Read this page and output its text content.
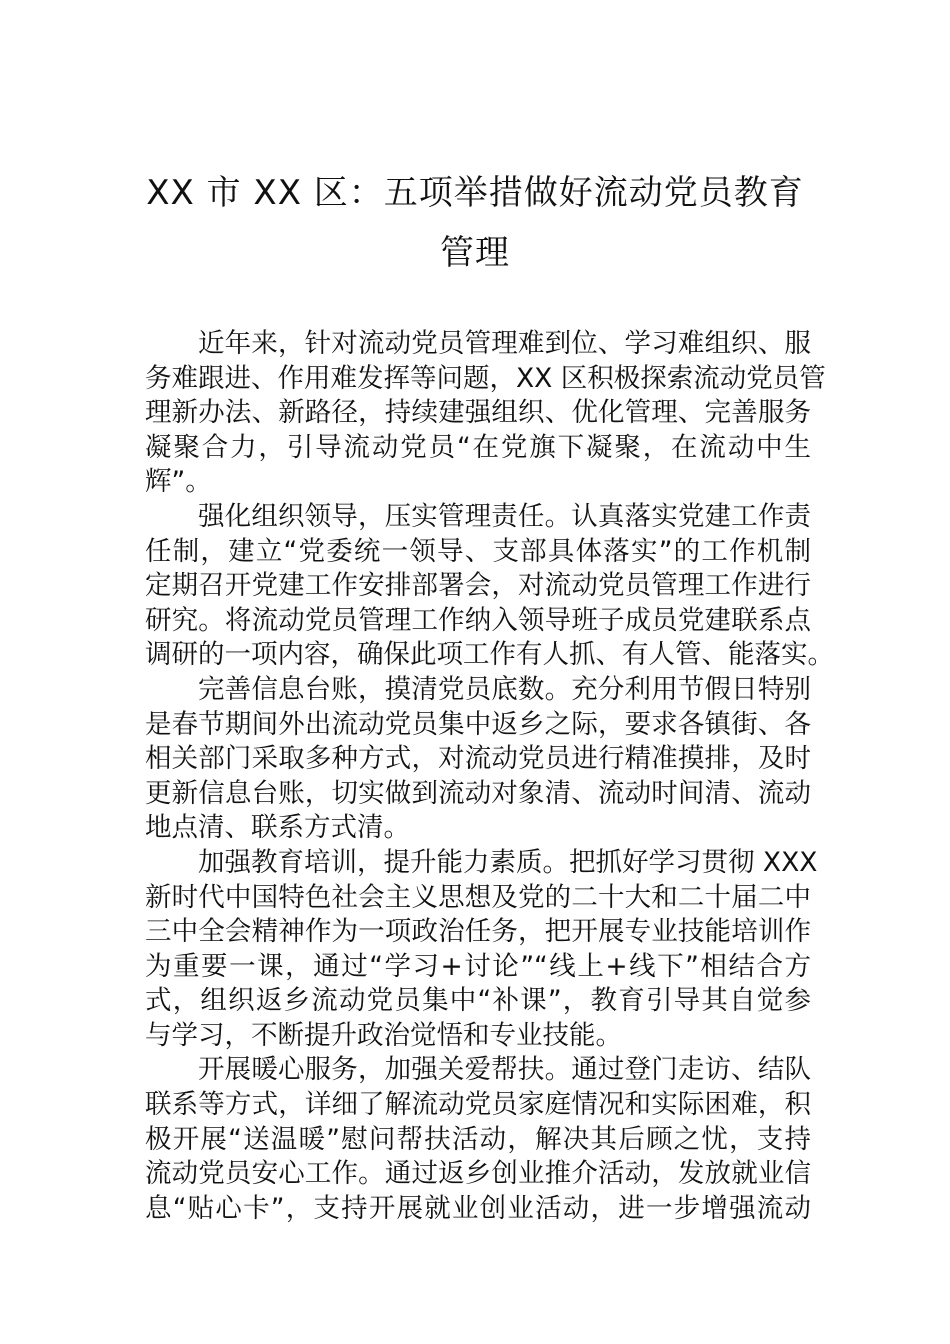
XX 市 XX 区：五项举措做好流动党员教育
管理

近年来，针对流动党员管理难到位、学习难组织、服
务难跟进、作用难发挥等问题，XX 区积极探索流动党员管
理新办法、新路径，持续建强组织、优化管理、完善服务
凝聚合力，引导流动党员“在党旗下凝聚，在流动中生
辉”。

强化组织领导，压实管理责任。认真落实党建工作责
任制，建立“党委统一领导、支部具体落实”的工作机制
定期召开党建工作安排部署会，对流动党员管理工作进行
研究。将流动党员管理工作纳入领导班子成员党建联系点
调研的一项内容，确保此项工作有人抓、有人管、能落实。

完善信息台账，摸清党员底数。充分利用节假日特别
是春节期间外出流动党员集中返乡之际，要求各镇街、各
相关部门采取多种方式，对流动党员进行精准摸排，及时
更新信息台账，切实做到流动对象清、流动时间清、流动
地点清、联系方式清。

加强教育培训，提升能力素质。把抓好学习贯彻 XXX
新时代中国特色社会主义思想及党的二十大和二十届二中
三中全会精神作为一项政治任务，把开展专业技能培训作
为重要一课，通过“学习+讨论”“线上+线下”相结合方
式，组织返乡流动党员集中“补课”，教育引导其自觉参
与学习，不断提升政治觉悟和专业技能。

开展暖心服务，加强关爱帮扶。通过登门走访、结队
联系等方式，详细了解流动党员家庭情况和实际困难，积
极开展“送温暖”慰问帮扶活动，解决其后顾之忧，支持
流动党员安心工作。通过返乡创业推介活动，发放就业信
息“贴心卡”，支持开展就业创业活动，进一步增强流动
